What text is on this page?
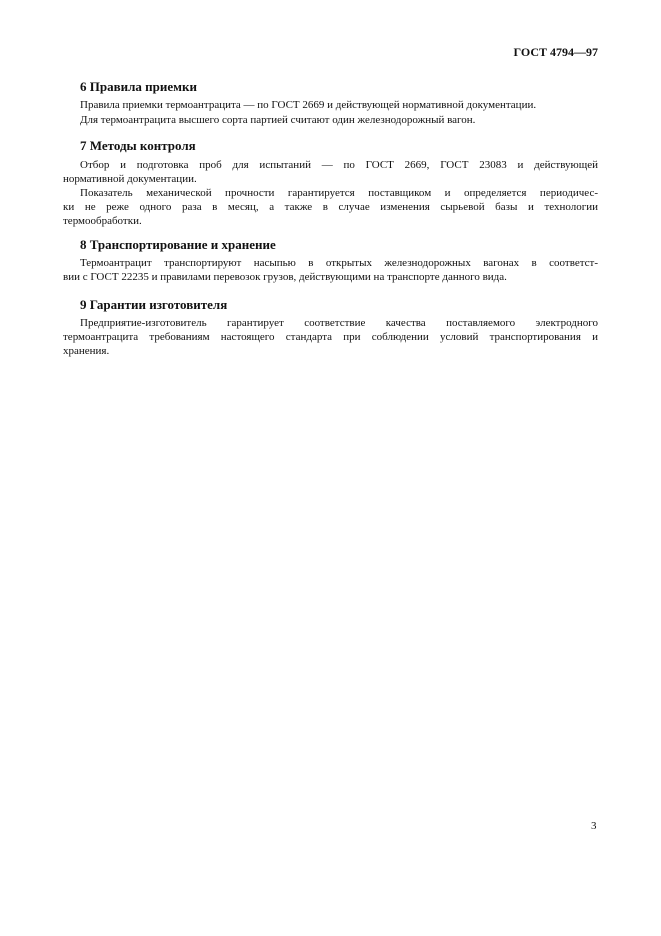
ГОСТ 4794—97
6 Правила приемки
Правила приемки термоантрацита — по ГОСТ 2669 и действующей нормативной документации.
Для термоантрацита высшего сорта партией считают один железнодорожный вагон.
7 Методы контроля
Отбор и подготовка проб для испытаний — по ГОСТ 2669, ГОСТ 23083 и действующей
нормативной документации.
Показатель механической прочности гарантируется поставщиком и определяется периодичес-
ки не реже одного раза в месяц, а также в случае изменения сырьевой базы и технологии
термообработки.
8 Транспортирование и хранение
Термоантрацит транспортируют насыпью в открытых железнодорожных вагонах в соответст-
вии с ГОСТ 22235 и правилами перевозок грузов, действующими на транспорте данного вида.
9 Гарантии изготовителя
Предприятие-изготовитель гарантирует соответствие качества поставляемого электродного
термоантрацита требованиям настоящего стандарта при соблюдении условий транспортирования и
хранения.
3
